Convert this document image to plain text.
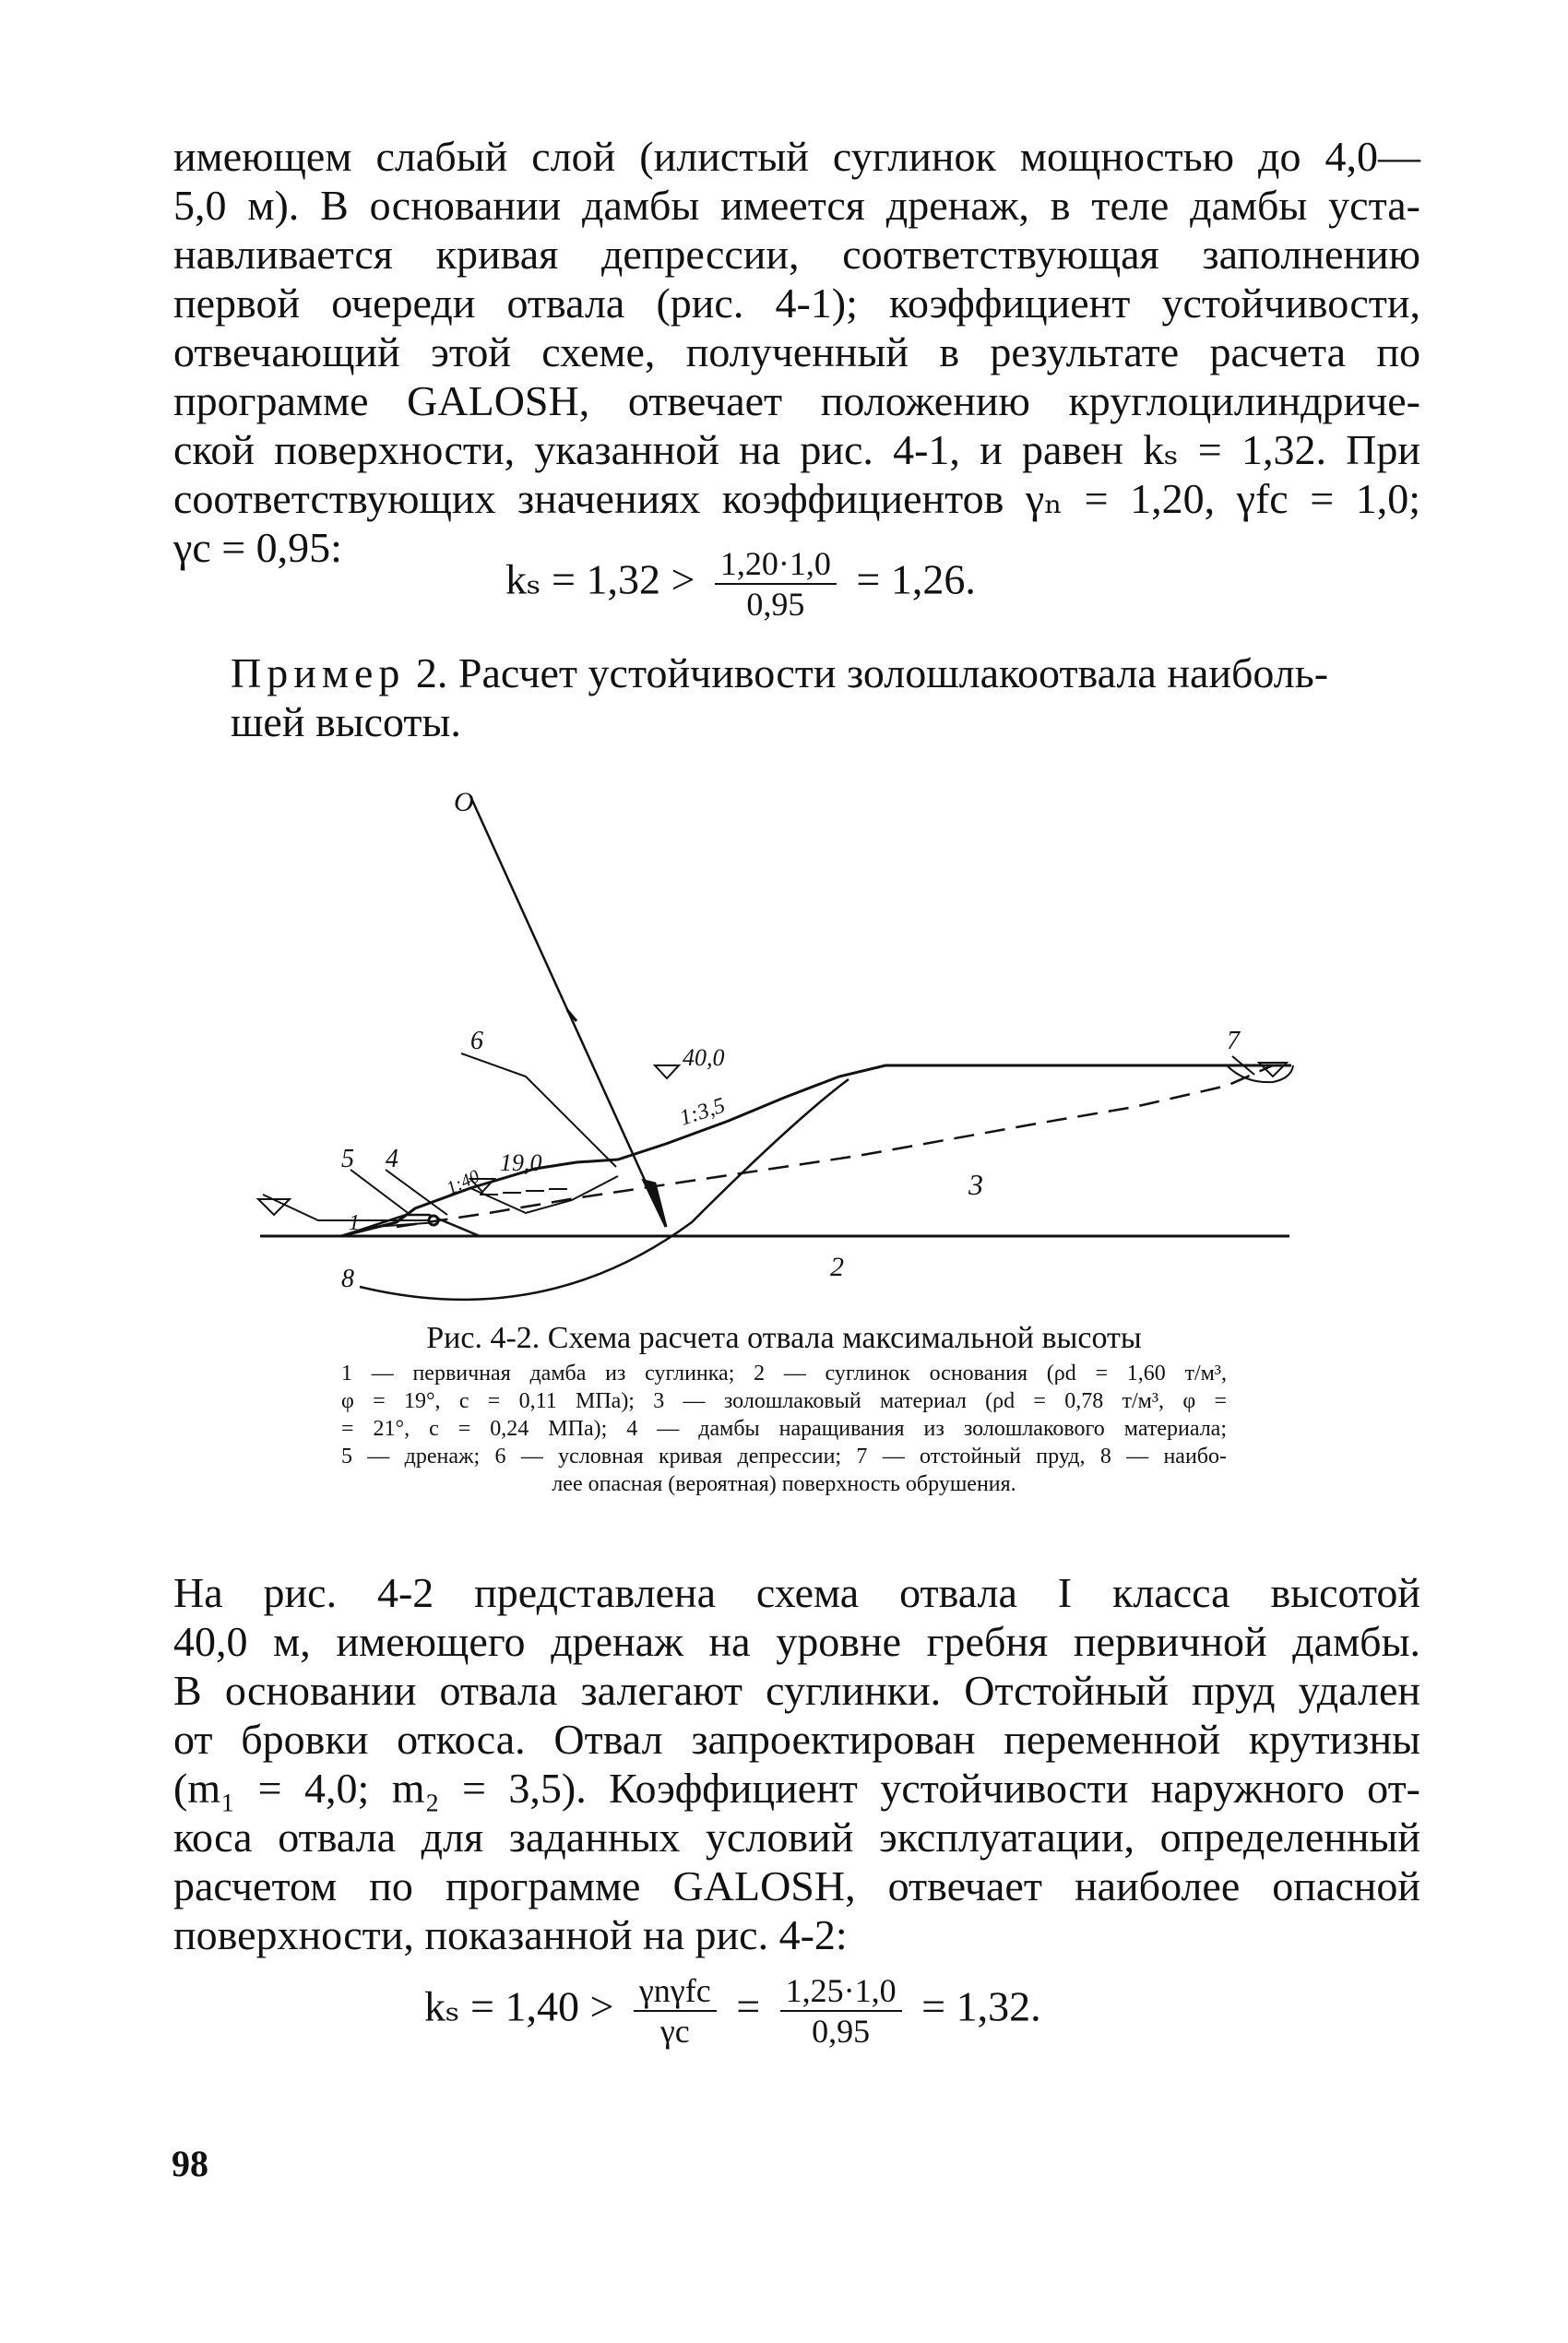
имеющем слабый слой (илистый суглинок мощностью до 4,0—
5,0 м). В основании дамбы имеется дренаж, в теле дамбы уста-
навливается кривая депрессии, соответствующая заполнению
первой очереди отвала (рис. 4-1); коэффициент устойчивости,
отвечающий этой схеме, полученный в результате расчета по
программе GALOSH, отвечает положению круглоцилиндриче-
ской поверхности, указанной на рис. 4-1, и равен kₛ = 1,32. При
соответствующих значениях коэффициентов γₙ = 1,20, γfc = 1,0;
γc = 0,95:
$k_s = 1,32 > \frac{1,20\cdot 1,0}{0,95} = 1,26$.
Пример 2. Расчет устойчивости золошлакоотвала наиболь-
шей высоты.
O
1
2
3
4
5
6	7
8
40,0
19,0
1:3,5
1:40
Рис. 4-2. Схема расчета отвала максимальной высоты
1 — первичная дамба из суглинка; 2 — суглинок основания (ρd = 1,60 т/м³,
φ = 19°, c = 0,11 МПа); 3 — золошлаковый материал (ρd = 0,78 т/м³, φ =
= 21°, c = 0,24 МПа); 4 — дамбы наращивания из золошлакового материала;
5 — дренаж; 6 — условная кривая депрессии; 7 — отстойный пруд, 8 — наибо-
лее опасная (вероятная) поверхность обрушения.
На рис. 4-2 представлена схема отвала I класса высотой
40,0 м, имеющего дренаж на уровне гребня первичной дамбы.
В основании отвала залегают суглинки. Отстойный пруд удален
от бровки откоса. Отвал запроектирован переменной крутизны
(m₁ = 4,0; m₂ = 3,5). Коэффициент устойчивости наружного от-
коса отвала для заданных условий эксплуатации, определенный
расчетом по программе GALOSH, отвечает наиболее опасной
поверхности, показанной на рис. 4-2:
$k_s = 1,40 > \frac{\text{γnγfc}}{\gamma c} = \frac{1,25\cdot 1,0}{0,95} = 1,32$.
98
